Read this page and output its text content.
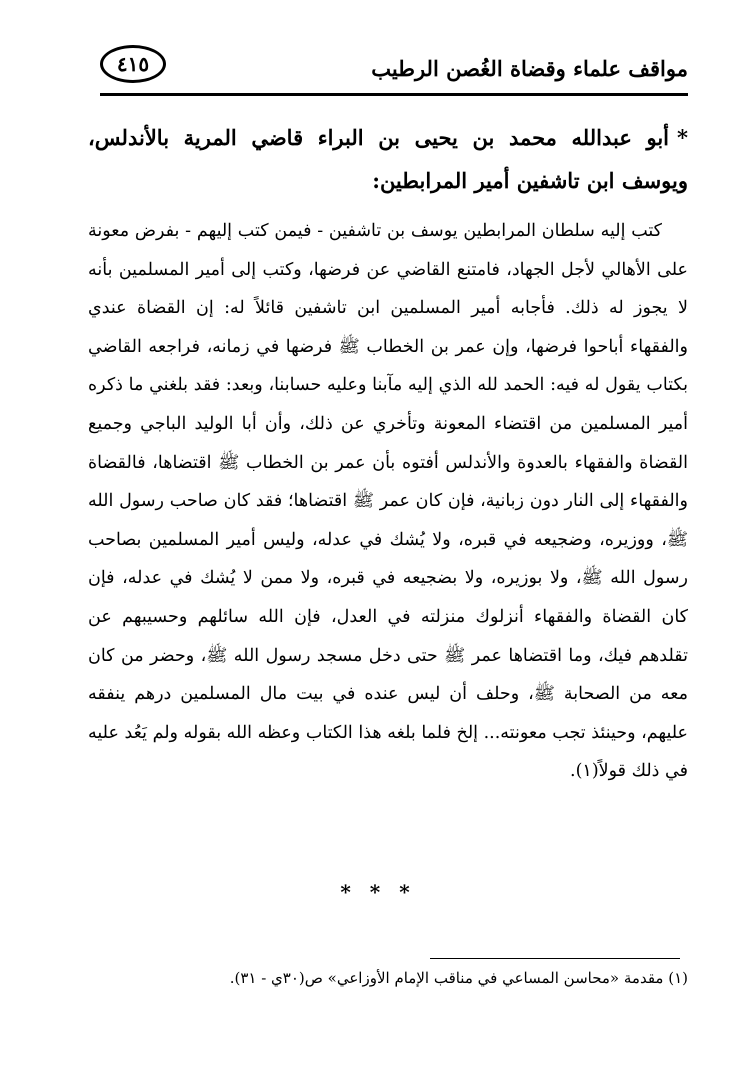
مواقف علماء وقضاة الغُصن الرطيب
٤١٥
*أبو عبدالله محمد بن يحيى بن البراء قاضي المرية بالأندلس، ويوسف ابن تاشفين أمير المرابطين:

كتب إليه سلطان المرابطين يوسف بن تاشفين - فيمن كتب إليهم - بفرض معونة على الأهالي لأجل الجهاد، فامتنع القاضي عن فرضها، وكتب إلى أمير المسلمين بأنه لا يجوز له ذلك. فأجابه أمير المسلمين ابن تاشفين قائلاً له: إن القضاة عندي والفقهاء أباحوا فرضها، وإن عمر بن الخطاب ﷺ فرضها في زمانه، فراجعه القاضي بكتاب يقول له فيه: الحمد لله الذي إليه مآبنا وعليه حسابنا، وبعد: فقد بلغني ما ذكره أمير المسلمين من اقتضاء المعونة وتأخري عن ذلك، وأن أبا الوليد الباجي وجميع القضاة والفقهاء بالعدوة والأندلس أفتوه بأن عمر بن الخطاب ﷺ اقتضاها، فالقضاة والفقهاء إلى النار دون زبانية، فإن كان عمر ﷺ اقتضاها؛ فقد كان صاحب رسول الله ﷺ، ووزيره، وضجيعه في قبره، ولا يُشك في عدله، وليس أمير المسلمين بصاحب رسول الله ﷺ، ولا بوزيره، ولا بضجيعه في قبره، ولا ممن لا يُشك في عدله، فإن كان القضاة والفقهاء أنزلوك منزلته في العدل، فإن الله سائلهم وحسيبهم عن تقلدهم فيك، وما اقتضاها عمر ﷺ حتى دخل مسجد رسول الله ﷺ، وحضر من كان معه من الصحابة ﷺ، وحلف أن ليس عنده في بيت مال المسلمين درهم ينفقه عليهم، وحينئذ تجب معونته... إلخ فلما بلغه هذا الكتاب وعظه الله بقوله ولم يَعُد عليه في ذلك قولاً(١).

* * *
(١) مقدمة «محاسن المساعي في مناقب الإمام الأوزاعي» ص(٣٠ي - ٣١).
